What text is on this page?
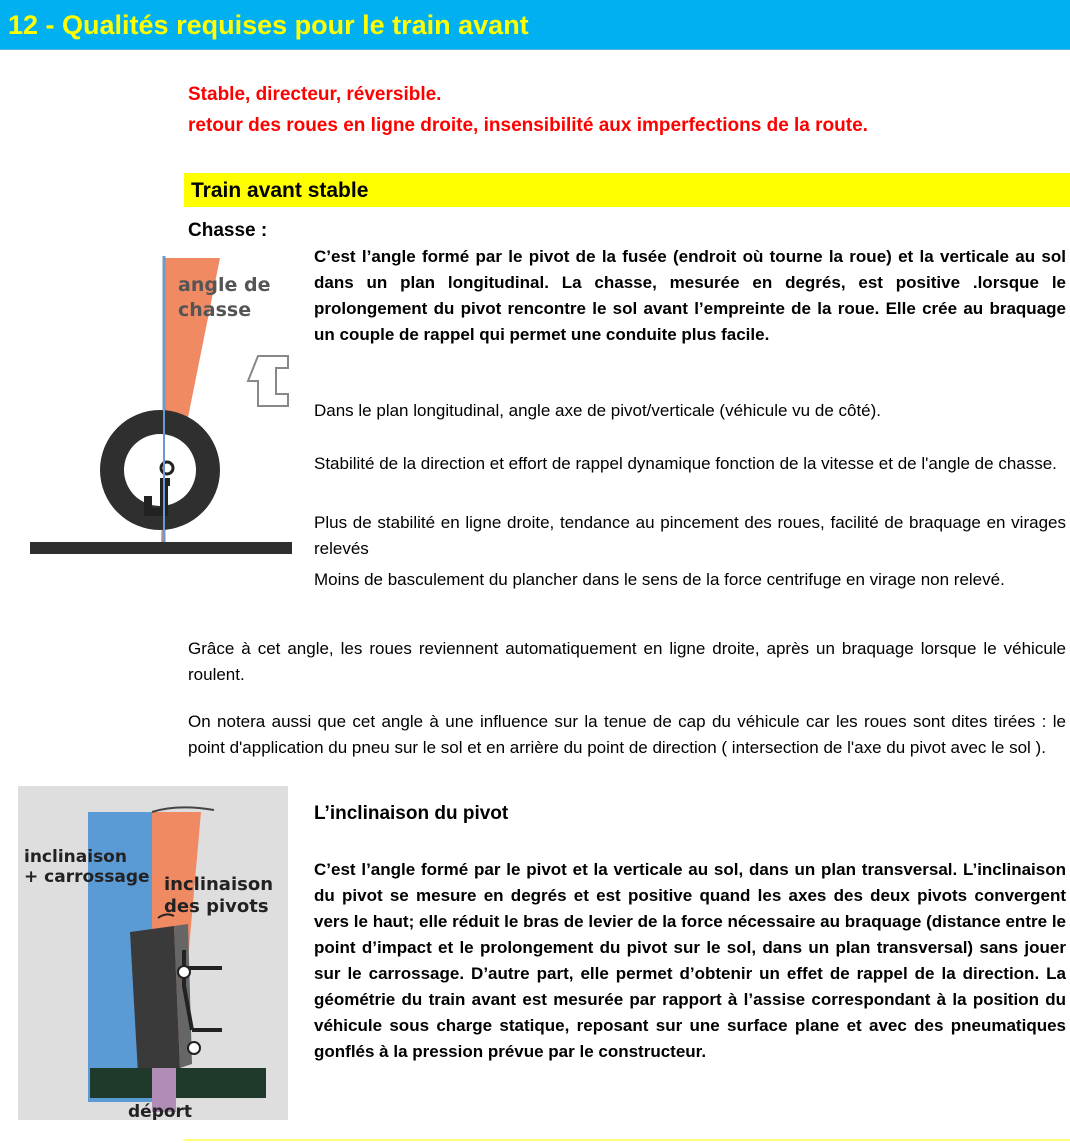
12 - Qualités requises pour le train avant
Stable, directeur, réversible.
retour des roues en ligne droite, insensibilité aux imperfections de la route.
Train avant stable
Chasse :
angle de
chasse

C’est l’angle formé par le pivot de la fusée (endroit où tourne la roue) et la verticale au sol dans un plan longitudinal. La chasse, mesurée en degrés, est positive .lorsque le prolongement du pivot rencontre le sol avant l’empreinte de la roue. Elle crée au braquage un couple de rappel qui permet une conduite plus facile.

Dans le plan longitudinal, angle axe de pivot/verticale (véhicule vu de côté).

Stabilité de la direction et effort de rappel dynamique fonction de la vitesse et de l'angle de chasse.

Plus de stabilité en ligne droite, tendance au pincement des roues, facilité de braquage en virages relevés

Moins de basculement du plancher dans le sens de la force centrifuge en virage non relevé.

Grâce à cet angle, les roues reviennent automatiquement en ligne droite, après un braquage lorsque le véhicule roulent.

On notera aussi que cet angle à une influence sur la tenue de cap du véhicule car les roues sont dites tirées : le point d'application du pneu sur le sol et en arrière du point de direction ( intersection de l'axe du pivot avec le sol ).

inclinaison
+ carrossage inclinaison
des pivots
déport
L’inclinaison du pivot

C’est l’angle formé par le pivot et la verticale au sol, dans un plan transversal. L’inclinaison du pivot se mesure en degrés et est positive quand les axes des deux pivots convergent vers le haut; elle réduit le bras de levier de la force nécessaire au braquage (distance entre le point d’impact et le prolongement du pivot sur le sol, dans un plan transversal) sans jouer sur le carrossage. D’autre part, elle permet d’obtenir un effet de rappel de la direction. La géométrie du train avant est mesurée par rapport à l’assise correspondant à la position du véhicule sous charge statique, reposant sur une surface plane et avec des pneumatiques gonflés à la pression prévue par le constructeur.
